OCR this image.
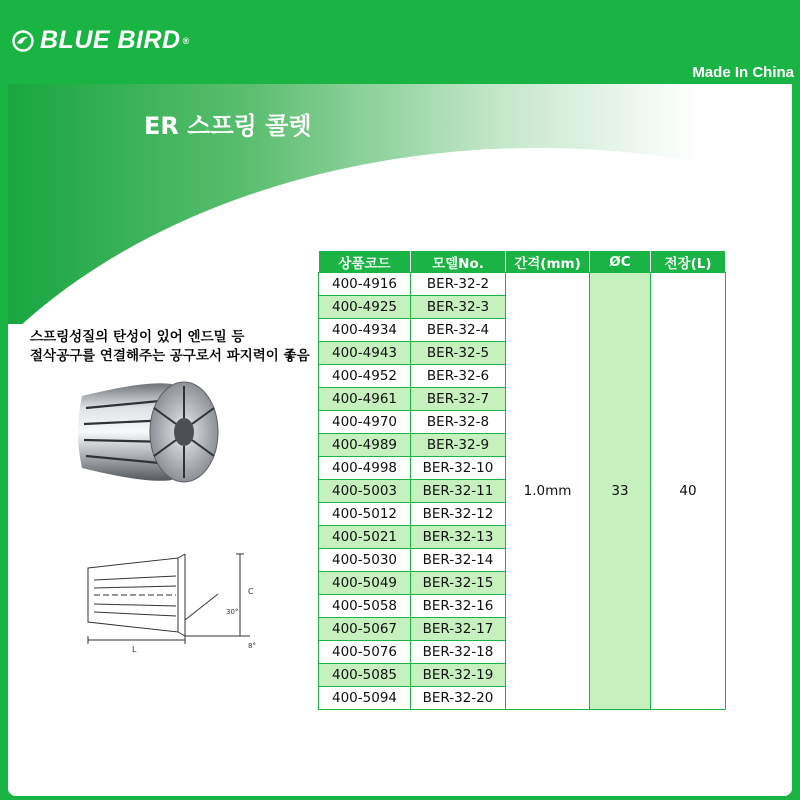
BLUE BIRD ®
Made In China
ER 스프링 콜렛
스프링성질의 탄성이 있어 엔드밀 등
절삭공구를 연결해주는 공구로서 파지력이 좋음
C
L
30°
8°
상품코드	모델No.	간격(mm)	ØC	전장(L)
400-4916	BER-32-2	1.0mm	33	40
400-4925	BER-32-3			
400-4934	BER-32-4			
400-4943	BER-32-5			
400-4952	BER-32-6			
400-4961	BER-32-7			
400-4970	BER-32-8			
400-4989	BER-32-9			
400-4998	BER-32-10			
400-5003	BER-32-11			
400-5012	BER-32-12			
400-5021	BER-32-13			
400-5030	BER-32-14			
400-5049	BER-32-15			
400-5058	BER-32-16			
400-5067	BER-32-17			
400-5076	BER-32-18			
400-5085	BER-32-19			
400-5094	BER-32-20			
